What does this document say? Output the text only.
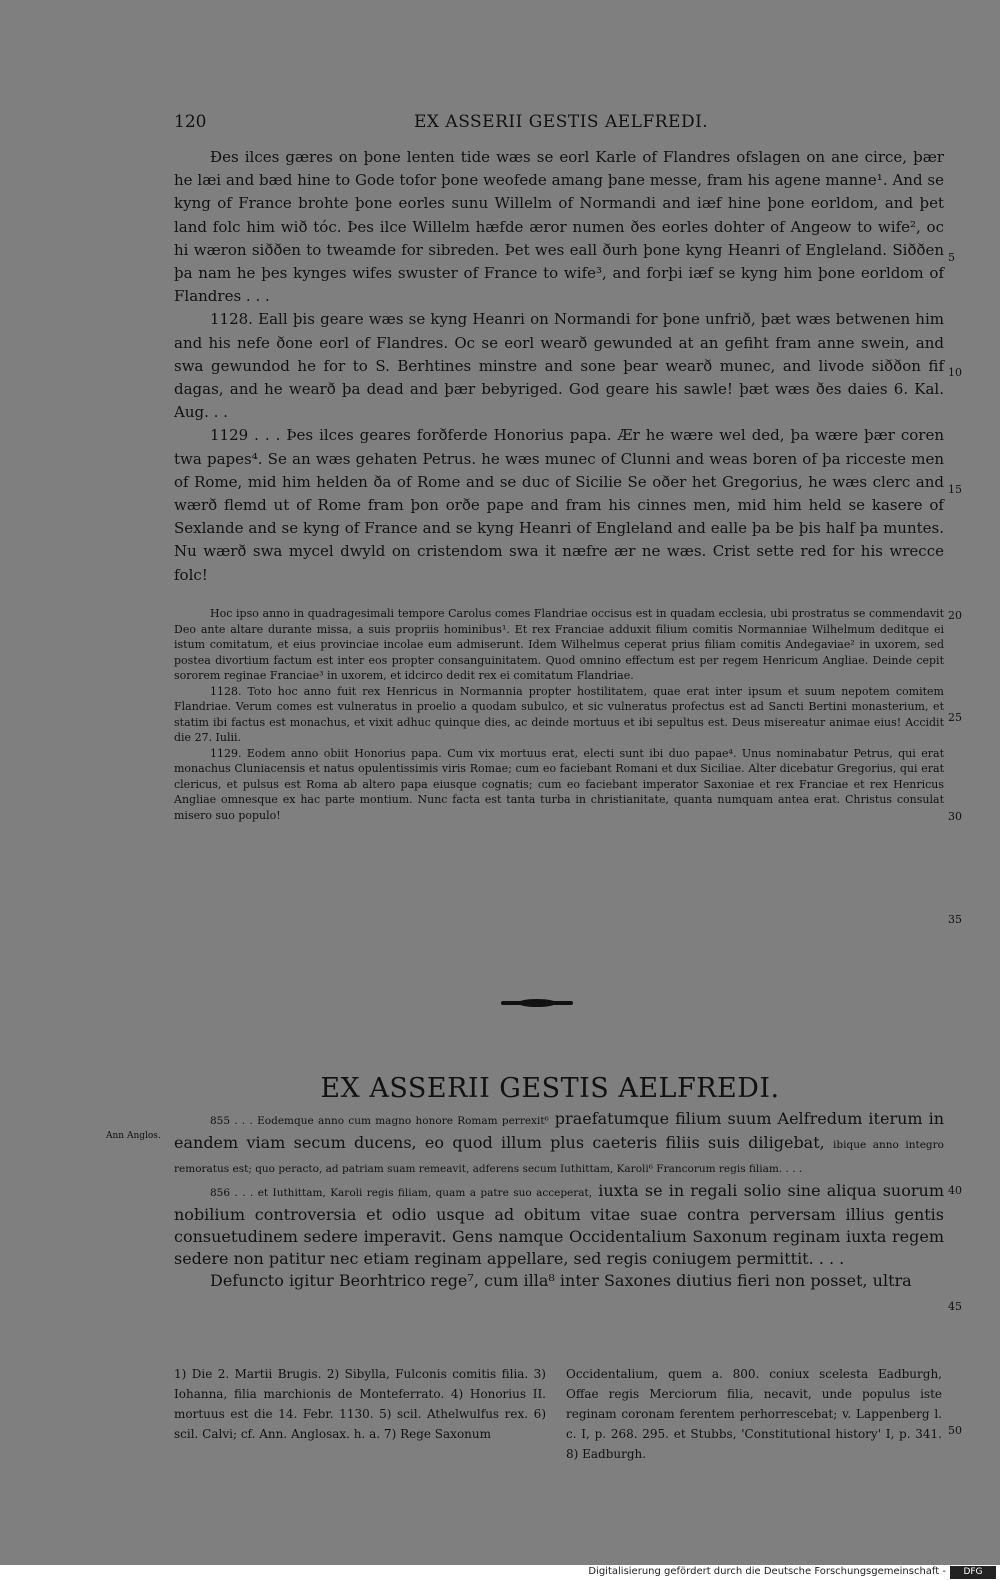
120	EX ASSERII GESTIS AELFREDI.

Ðes ilces gæres on þone lenten tide wæs se eorl Karle of Flandres ofslagen on ane circe, þær he læi and bæd hine to Gode tofor þone weofede amang þane messe, fram his agene manne¹. And se kyng of France brohte þone eorles sunu Willelm of Normandi and iæf hine þone eorldom, and þet land folc him wið tóc. Þes ilce Willelm hæfde æror numen ðes eorles dohter of Angeow to wife², oc hi wæron siððen to tweamde for sibreden. Þet wes eall ðurh þone kyng Heanri of Engleland. Siððen þa nam he þes kynges wifes swuster of France to wife³, and forþi iæf se kyng him þone eorldom of Flandres . . .

1128. Eall þis geare wæs se kyng Heanri on Normandi for þone unfrið, þæt wæs betwenen him and his nefe ðone eorl of Flandres. Oc se eorl wearð gewunded at an gefiht fram anne swein, and swa gewundod he for to S. Berhtines minstre and sone þear wearð munec, and livode siððon fif dagas, and he wearð þa dead and þær bebyriged. God geare his sawle! þæt wæs ðes daies 6. Kal. Aug. . .

1129 . . . Þes ilces geares forðferde Honorius papa. Ær he wære wel ded, þa wære þær coren twa papes⁴. Se an wæs gehaten Petrus. he wæs munec of Clunni and weas boren of þa ricceste men of Rome, mid him helden ða of Rome and se duc of Sicilie Se oðer het Gregorius, he wæs clerc and wærð flemd ut of Rome fram þon orðe pape and fram his cinnes men, mid him held se kasere of Sexlande and se kyng of France and se kyng Heanri of Engleland and ealle þa be þis half þa muntes. Nu wærð swa mycel dwyld on cristendom swa it næfre ær ne wæs. Crist sette red for his wrecce folc!

Hoc ipso anno in quadragesimali tempore Carolus comes Flandriae occisus est in quadam ecclesia, ubi prostratus se commendavit Deo ante altare durante missa, a suis propriis hominibus¹. Et rex Franciae adduxit filium comitis Normanniae Wilhelmum deditque ei istum comitatum, et eius provinciae incolae eum admiserunt. Idem Wilhelmus ceperat prius filiam comitis Andegaviae² in uxorem, sed postea divortium factum est inter eos propter consanguinitatem. Quod omnino effectum est per regem Henricum Angliae. Deinde cepit sororem reginae Franciae³ in uxorem, et idcirco dedit rex ei comitatum Flandriae.

1128. Toto hoc anno fuit rex Henricus in Normannia propter hostilitatem, quae erat inter ipsum et suum nepotem comitem Flandriae. Verum comes est vulneratus in proelio a quodam subulco, et sic vulneratus profectus est ad Sancti Bertini monasterium, et statim ibi factus est monachus, et vixit adhuc quinque dies, ac deinde mortuus et ibi sepultus est. Deus misereatur animae eius! Accidit die 27. Iulii.

1129. Eodem anno obiit Honorius papa. Cum vix mortuus erat, electi sunt ibi duo papae⁴. Unus nominabatur Petrus, qui erat monachus Cluniacensis et natus opulentissimis viris Romae; cum eo faciebant Romani et dux Siciliae. Alter dicebatur Gregorius, qui erat clericus, et pulsus est Roma ab altero papa eiusque cognatis; cum eo faciebant imperator Saxoniae et rex Franciae et rex Henricus Angliae omnesque ex hac parte montium. Nunc facta est tanta turba in christianitate, quanta numquam antea erat. Christus consulat misero suo populo!

5
10
15
20
25
30
35
40
45
50
EX ASSERII GESTIS AELFREDI.
Ann Anglos.

855 . . . Eodemque anno cum magno honore Romam perrexit⁶ praefatumque filium suum Aelfredum iterum in eandem viam secum ducens, eo quod illum plus caeteris filiis suis diligebat, ibique anno integro remoratus est; quo peracto, ad patriam suam remeavit, adferens secum Iuthittam, Karoli⁶ Francorum regis filiam. . . .

856 . . . et Iuthittam, Karoli regis filiam, quam a patre suo acceperat, iuxta se in regali solio sine aliqua suorum nobilium controversia et odio usque ad obitum vitae suae contra perversam illius gentis consuetudinem sedere imperavit. Gens namque Occidentalium Saxonum reginam iuxta regem sedere non patitur nec etiam reginam appellare, sed regis coniugem permittit. . . .

Defuncto igitur Beorhtrico rege⁷, cum illa⁸ inter Saxones diutius fieri non posset, ultra

1) Die 2. Martii Brugis. 2) Sibylla, Fulconis comitis filia. 3) Iohanna, filia marchionis de Monteferrato. 4) Honorius II. mortuus est die 14. Febr. 1130. 5) scil. Athelwulfus rex. 6) scil. Calvi; cf. Ann. Anglosax. h. a. 7) Rege Saxonum
Occidentalium, quem a. 800. coniux scelesta Eadburgh, Offae regis Merciorum filia, necavit, unde populus iste reginam coronam ferentem perhorrescebat; v. Lappenberg l. c. I, p. 268. 295. et Stubbs, 'Constitutional history' I, p. 341. 8) Eadburgh.
Digitalisierung gefördert durch die Deutsche Forschungsgemeinschaft -	DFG
